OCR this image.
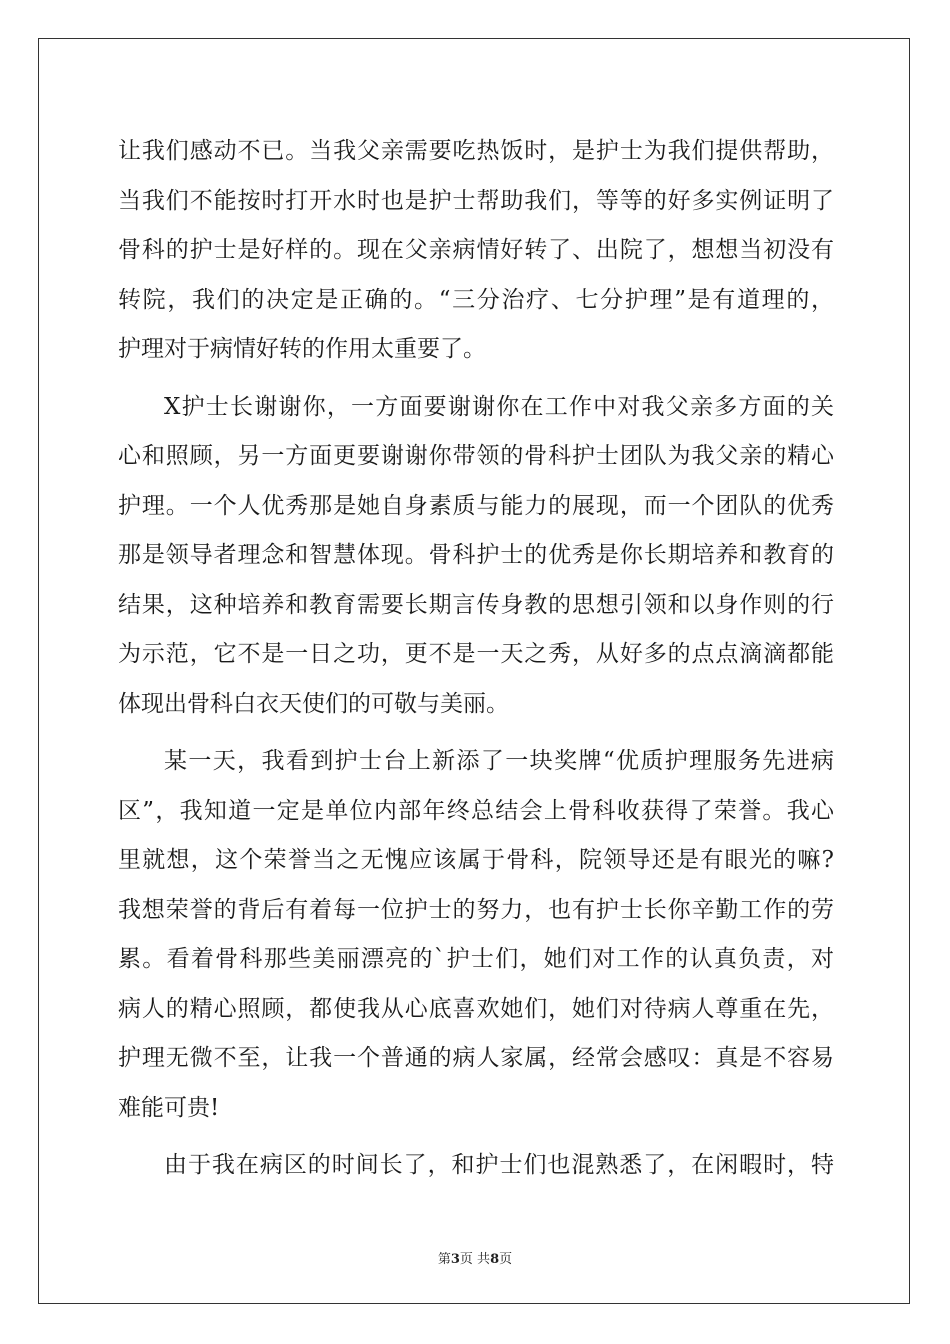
让我们感动不已。当我父亲需要吃热饭时，是护士为我们提供帮助，
当我们不能按时打开水时也是护士帮助我们，等等的好多实例证明了
骨科的护士是好样的。现在父亲病情好转了、出院了，想想当初没有
转院，我们的决定是正确的。“三分治疗、七分护理”是有道理的，
护理对于病情好转的作用太重要了。
X护士长谢谢你，一方面要谢谢你在工作中对我父亲多方面的关
心和照顾，另一方面更要谢谢你带领的骨科护士团队为我父亲的精心
护理。一个人优秀那是她自身素质与能力的展现，而一个团队的优秀
那是领导者理念和智慧体现。骨科护士的优秀是你长期培养和教育的
结果，这种培养和教育需要长期言传身教的思想引领和以身作则的行
为示范，它不是一日之功，更不是一天之秀，从好多的点点滴滴都能
体现出骨科白衣天使们的可敬与美丽。
某一天，我看到护士台上新添了一块奖牌“优质护理服务先进病
区”，我知道一定是单位内部年终总结会上骨科收获得了荣誉。我心
里就想，这个荣誉当之无愧应该属于骨科，院领导还是有眼光的嘛?
我想荣誉的背后有着每一位护士的努力，也有护士长你辛勤工作的劳
累。看着骨科那些美丽漂亮的`护士们，她们对工作的认真负责，对
病人的精心照顾，都使我从心底喜欢她们，她们对待病人尊重在先，
护理无微不至，让我一个普通的病人家属，经常会感叹：真是不容易
难能可贵!
由于我在病区的时间长了，和护士们也混熟悉了，在闲暇时，特
第3页 共8页
